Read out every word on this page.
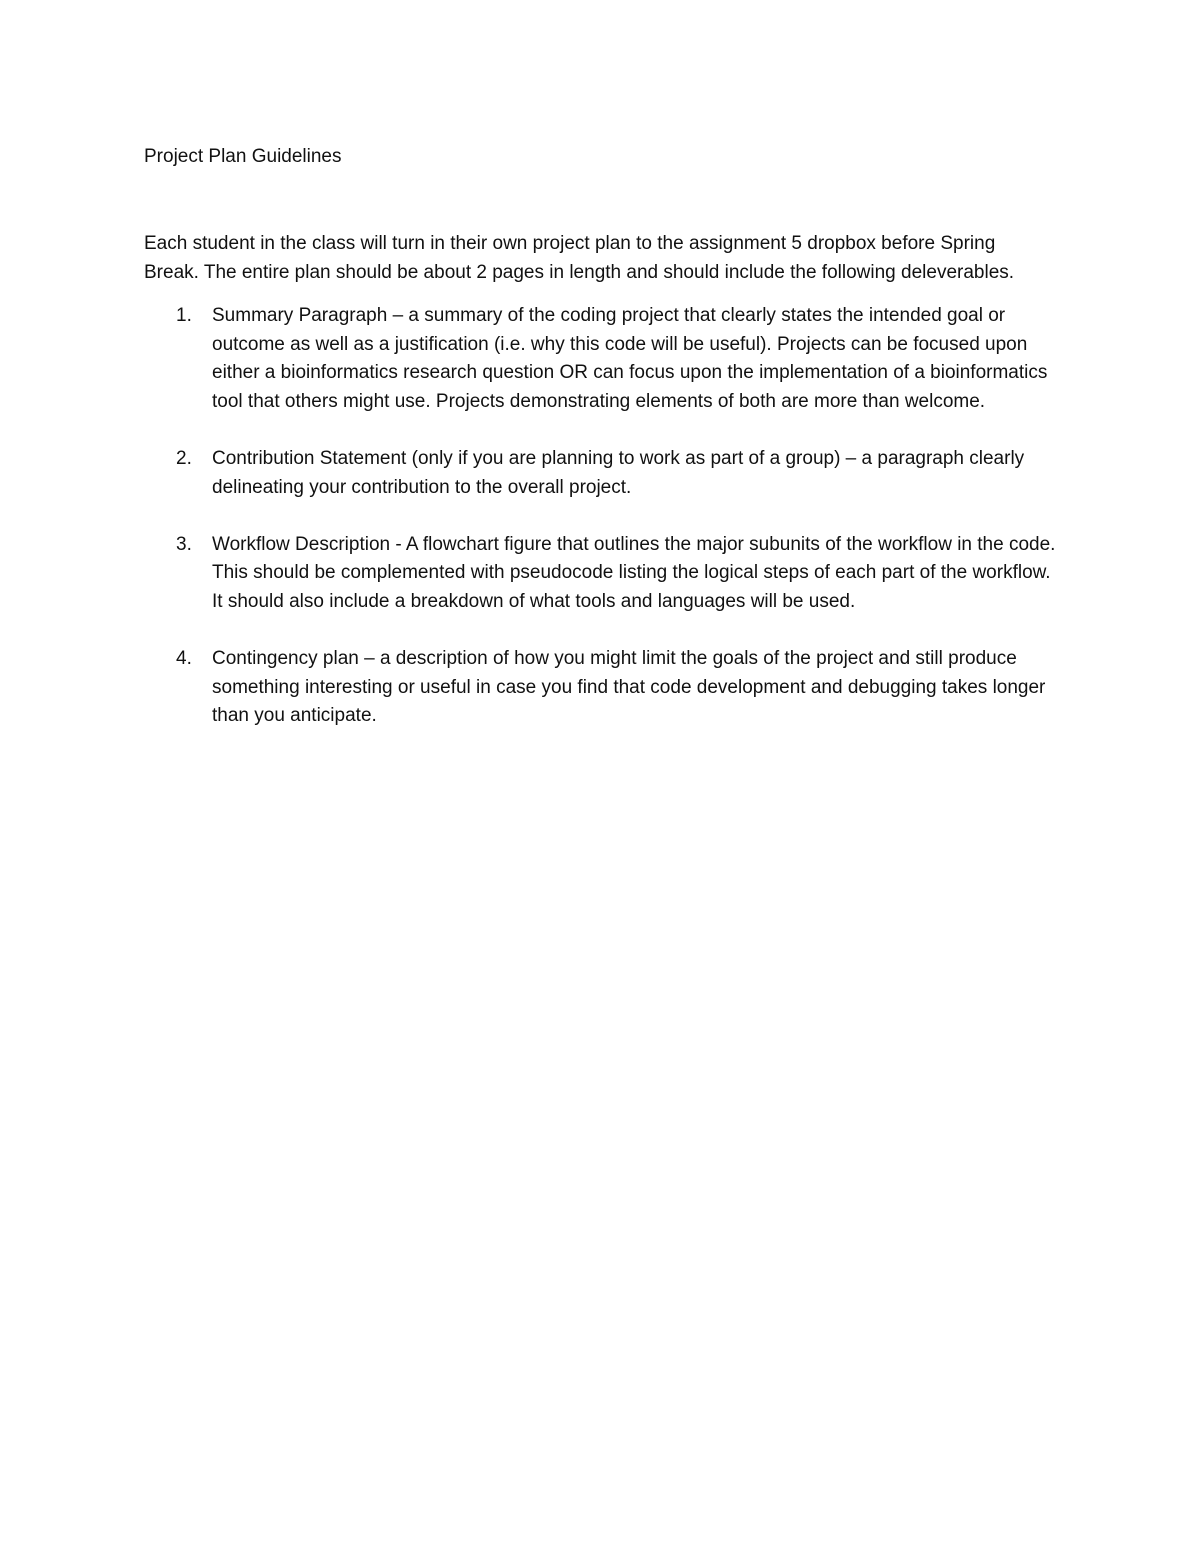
Project Plan Guidelines

Each student in the class will turn in their own project plan to the assignment 5 dropbox before Spring Break. The entire plan should be about 2 pages in length and should include the following deleverables.

1. Summary Paragraph – a summary of the coding project that clearly states the intended goal or outcome as well as a justification (i.e. why this code will be useful). Projects can be focused upon either a bioinformatics research question OR can focus upon the implementation of a bioinformatics tool that others might use. Projects demonstrating elements of both are more than welcome.
2. Contribution Statement (only if you are planning to work as part of a group) – a paragraph clearly delineating your contribution to the overall project.
3. Workflow Description - A flowchart figure that outlines the major subunits of the workflow in the code. This should be complemented with pseudocode listing the logical steps of each part of the workflow. It should also include a breakdown of what tools and languages will be used.
4. Contingency plan – a description of how you might limit the goals of the project and still produce something interesting or useful in case you find that code development and debugging takes longer than you anticipate.
